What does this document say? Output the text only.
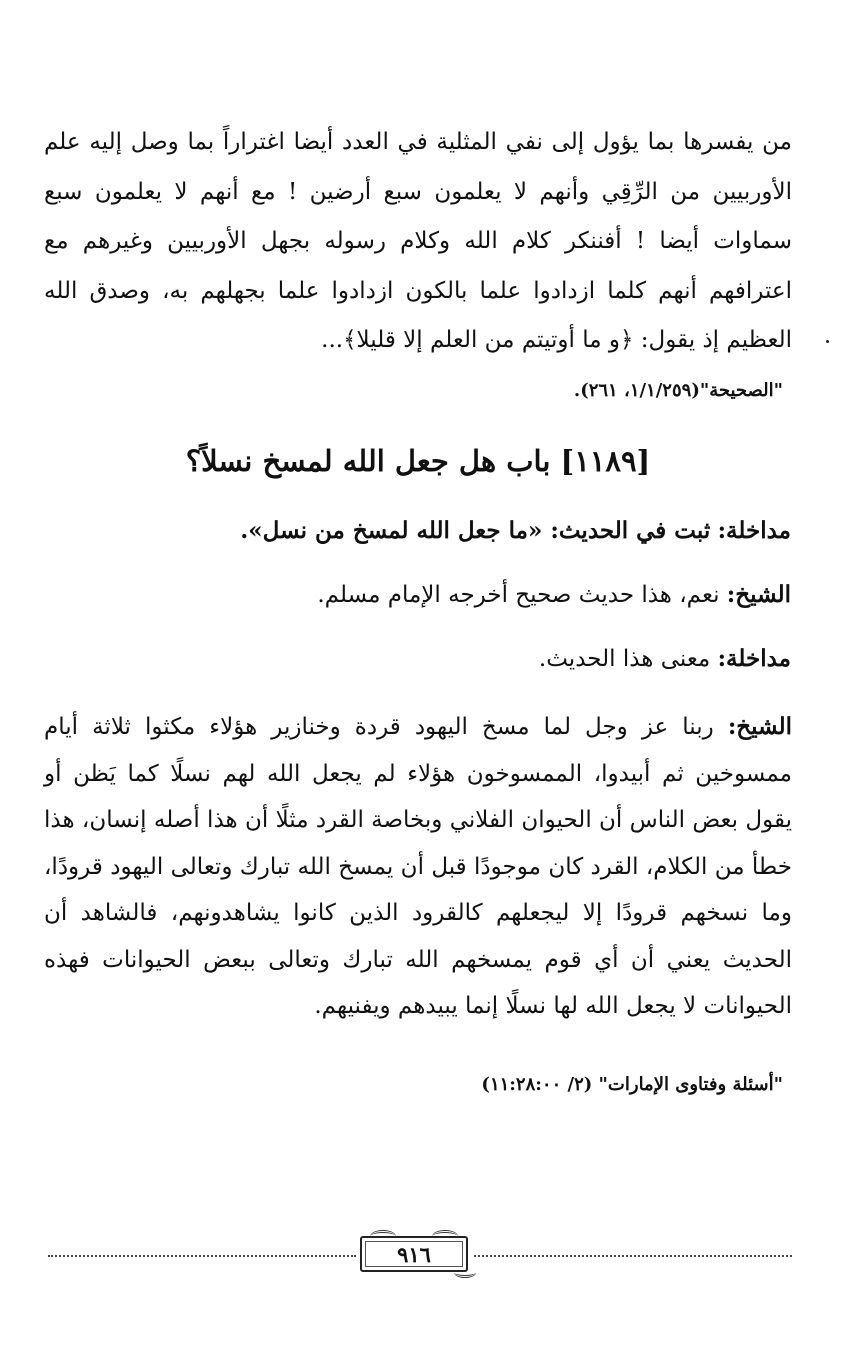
من يفسرها بما يؤول إلى نفي المثلية في العدد أيضا اغتراراً بما وصل إليه علم الأوربيين من الرِّقِي وأنهم لا يعلمون سبع أرضين ! مع أنهم لا يعلمون سبع سماوات أيضا ! أفننكر كلام الله وكلام رسوله بجهل الأوربيين وغيرهم مع اعترافهم أنهم كلما ازدادوا علما بالكون ازدادوا علما بجهلهم به، وصدق الله العظيم إذ يقول: ﴿و ما أوتيتم من العلم إلا قليلا﴾...

"الصحيحة"(١/١/٢٥٩، ٢٦١).
[١١٨٩] باب هل جعل الله لمسخ نسلاً؟
مداخلة: ثبت في الحديث: «ما جعل الله لمسخ من نسل».
الشيخ: نعم، هذا حديث صحيح أخرجه الإمام مسلم.
مداخلة: معنى هذا الحديث.

الشيخ: ربنا عز وجل لما مسخ اليهود قردة وخنازير هؤلاء مكثوا ثلاثة أيام ممسوخين ثم أبيدوا، الممسوخون هؤلاء لم يجعل الله لهم نسلًا كما يَظن أو يقول بعض الناس أن الحيوان الفلاني وبخاصة القرد مثلًا أن هذا أصله إنسان، هذا خطأ من الكلام، القرد كان موجودًا قبل أن يمسخ الله تبارك وتعالى اليهود قرودًا، وما نسخهم قرودًا إلا ليجعلهم كالقرود الذين كانوا يشاهدونهم، فالشاهد أن الحديث يعني أن أي قوم يمسخهم الله تبارك وتعالى ببعض الحيوانات فهذه الحيوانات لا يجعل الله لها نسلًا إنما يبيدهم ويفنيهم.

"أسئلة وفتاوى الإمارات" (٢/ ١١:٢٨:٠٠)
٩١٦
